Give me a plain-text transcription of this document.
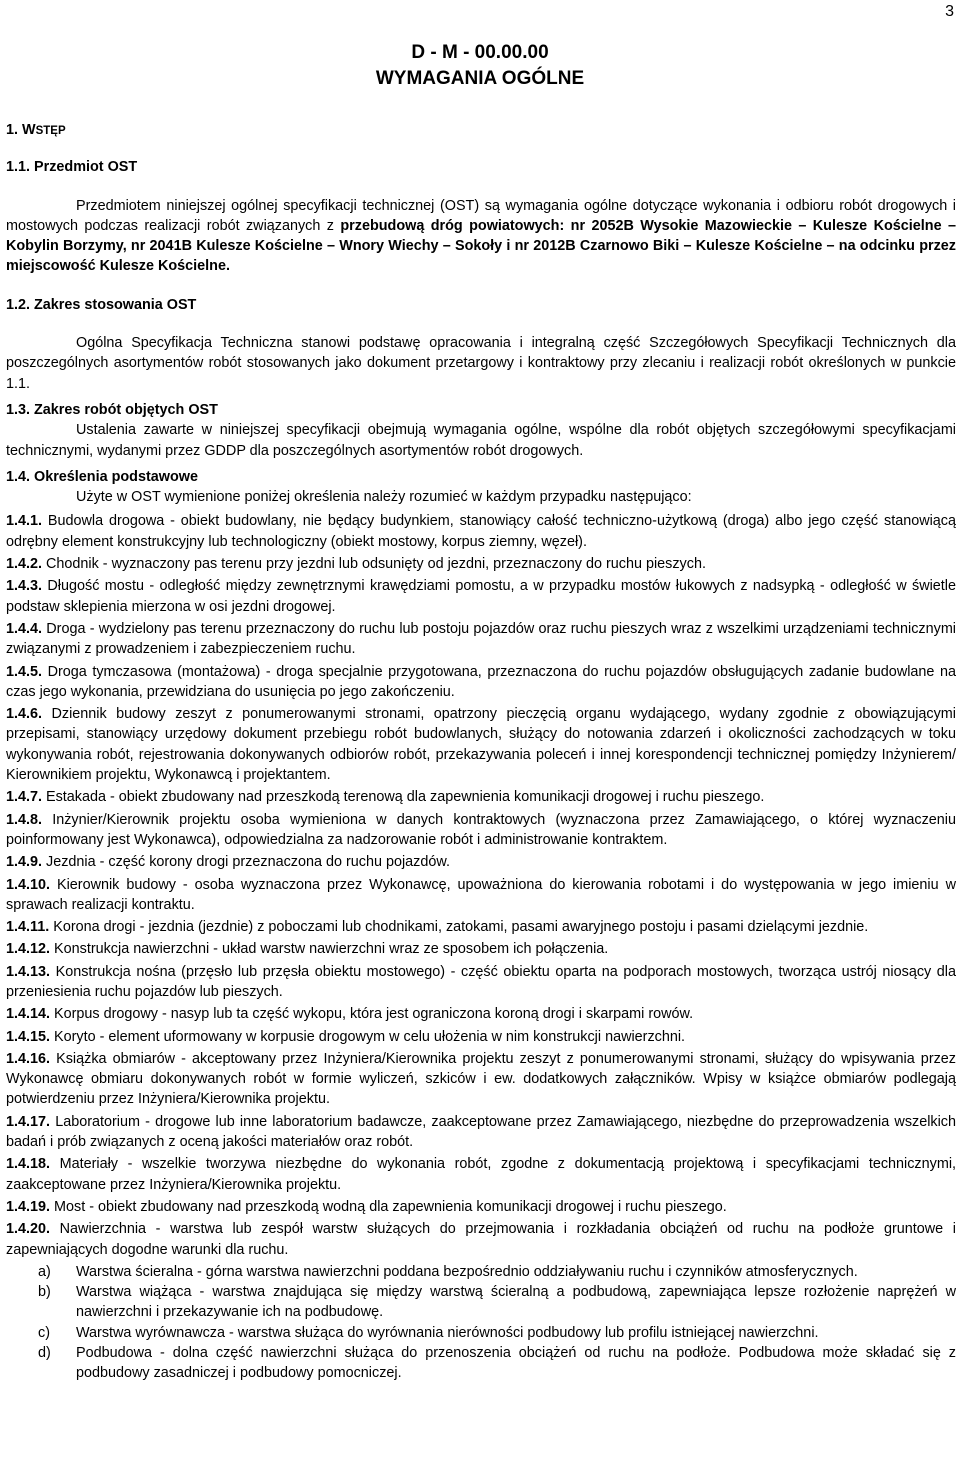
3
D - M - 00.00.00
WYMAGANIA OGÓLNE
1. WSTĘP
1.1. Przedmiot OST

Przedmiotem niniejszej ogólnej specyfikacji technicznej (OST) są wymagania ogólne dotyczące wykonania i odbioru robót drogowych i mostowych podczas realizacji robót związanych z przebudową dróg powiatowych: nr 2052B Wysokie Mazowieckie – Kulesze Kościelne – Kobylin Borzymy, nr 2041B Kulesze Kościelne – Wnory Wiechy – Sokoły i nr 2012B Czarnowo Biki – Kulesze Kościelne – na odcinku przez miejscowość Kulesze Kościelne.

1.2. Zakres stosowania OST

Ogólna Specyfikacja Techniczna stanowi podstawę opracowania i integralną część Szczegółowych Specyfikacji Technicznych dla poszczególnych asortymentów robót stosowanych jako dokument przetargowy i kontraktowy przy zlecaniu i realizacji robót określonych w punkcie 1.1.

1.3. Zakres robót objętych OST

Ustalenia zawarte w niniejszej specyfikacji obejmują wymagania ogólne, wspólne dla robót objętych szczegółowymi specyfikacjami technicznymi, wydanymi przez GDDP dla poszczególnych asortymentów robót drogowych.

1.4. Określenia podstawowe

Użyte w OST wymienione poniżej określenia należy rozumieć w każdym przypadku następująco:

1.4.1. Budowla drogowa - obiekt budowlany, nie będący budynkiem, stanowiący całość techniczno-użytkową (droga) albo jego część stanowiącą odrębny element konstrukcyjny lub technologiczny (obiekt mostowy, korpus ziemny, węzeł).

1.4.2. Chodnik - wyznaczony pas terenu przy jezdni lub odsunięty od jezdni, przeznaczony do ruchu pieszych.

1.4.3. Długość mostu - odległość między zewnętrznymi krawędziami pomostu, a w przypadku mostów łukowych z nadsypką - odległość w świetle podstaw sklepienia mierzona w osi jezdni drogowej.

1.4.4. Droga - wydzielony pas terenu przeznaczony do ruchu lub postoju pojazdów oraz ruchu pieszych wraz z wszelkimi urządzeniami technicznymi związanymi z prowadzeniem i zabezpieczeniem ruchu.

1.4.5. Droga tymczasowa (montażowa) - droga specjalnie przygotowana, przeznaczona do ruchu pojazdów obsługujących zadanie budowlane na czas jego wykonania, przewidziana do usunięcia po jego zakończeniu.

1.4.6. Dziennik budowy zeszyt z ponumerowanymi stronami, opatrzony pieczęcią organu wydającego, wydany zgodnie z obowiązującymi przepisami, stanowiący urzędowy dokument przebiegu robót budowlanych, służący do notowania zdarzeń i okoliczności zachodzących w toku wykonywania robót, rejestrowania dokonywanych odbiorów robót, przekazywania poleceń i innej korespondencji technicznej pomiędzy Inżynierem/ Kierownikiem projektu, Wykonawcą i projektantem.

1.4.7. Estakada - obiekt zbudowany nad przeszkodą terenową dla zapewnienia komunikacji drogowej i ruchu pieszego.

1.4.8. Inżynier/Kierownik projektu osoba wymieniona w danych kontraktowych (wyznaczona przez Zamawiającego, o której wyznaczeniu poinformowany jest Wykonawca), odpowiedzialna za nadzorowanie robót i administrowanie kontraktem.

1.4.9. Jezdnia - część korony drogi przeznaczona do ruchu pojazdów.

1.4.10. Kierownik budowy - osoba wyznaczona przez Wykonawcę, upoważniona do kierowania robotami i do występowania w jego imieniu w sprawach realizacji kontraktu.

1.4.11. Korona drogi - jezdnia (jezdnie) z poboczami lub chodnikami, zatokami, pasami awaryjnego postoju i pasami dzielącymi jezdnie.

1.4.12. Konstrukcja nawierzchni - układ warstw nawierzchni wraz ze sposobem ich połączenia.

1.4.13. Konstrukcja nośna (przęsło lub przęsła obiektu mostowego) - część obiektu oparta na podporach mostowych, tworząca ustrój niosący dla przeniesienia ruchu pojazdów lub pieszych.

1.4.14. Korpus drogowy - nasyp lub ta część wykopu, która jest ograniczona koroną drogi i skarpami rowów.

1.4.15. Koryto - element uformowany w korpusie drogowym w celu ułożenia w nim konstrukcji nawierzchni.

1.4.16. Książka obmiarów - akceptowany przez Inżyniera/Kierownika projektu zeszyt z ponumerowanymi stronami, służący do wpisywania przez Wykonawcę obmiaru dokonywanych robót w formie wyliczeń, szkiców i ew. dodatkowych załączników. Wpisy w książce obmiarów podlegają potwierdzeniu przez Inżyniera/Kierownika projektu.

1.4.17. Laboratorium - drogowe lub inne laboratorium badawcze, zaakceptowane przez Zamawiającego, niezbędne do przeprowadzenia wszelkich badań i prób związanych z oceną jakości materiałów oraz robót.

1.4.18. Materiały - wszelkie tworzywa niezbędne do wykonania robót, zgodne z dokumentacją projektową i specyfikacjami technicznymi, zaakceptowane przez Inżyniera/Kierownika projektu.

1.4.19. Most - obiekt zbudowany nad przeszkodą wodną dla zapewnienia komunikacji drogowej i ruchu pieszego.

1.4.20. Nawierzchnia - warstwa lub zespół warstw służących do przejmowania i rozkładania obciążeń od ruchu na podłoże gruntowe i zapewniających dogodne warunki dla ruchu.

a) Warstwa ścieralna - górna warstwa nawierzchni poddana bezpośrednio oddziaływaniu ruchu i czynników atmosferycznych.
b) Warstwa wiążąca - warstwa znajdująca się między warstwą ścieralną a podbudową, zapewniająca lepsze rozłożenie naprężeń w nawierzchni i przekazywanie ich na podbudowę.
c) Warstwa wyrównawcza - warstwa służąca do wyrównania nierówności podbudowy lub profilu istniejącej nawierzchni.
d) Podbudowa - dolna część nawierzchni służąca do przenoszenia obciążeń od ruchu na podłoże. Podbudowa może składać się z podbudowy zasadniczej i podbudowy pomocniczej.
